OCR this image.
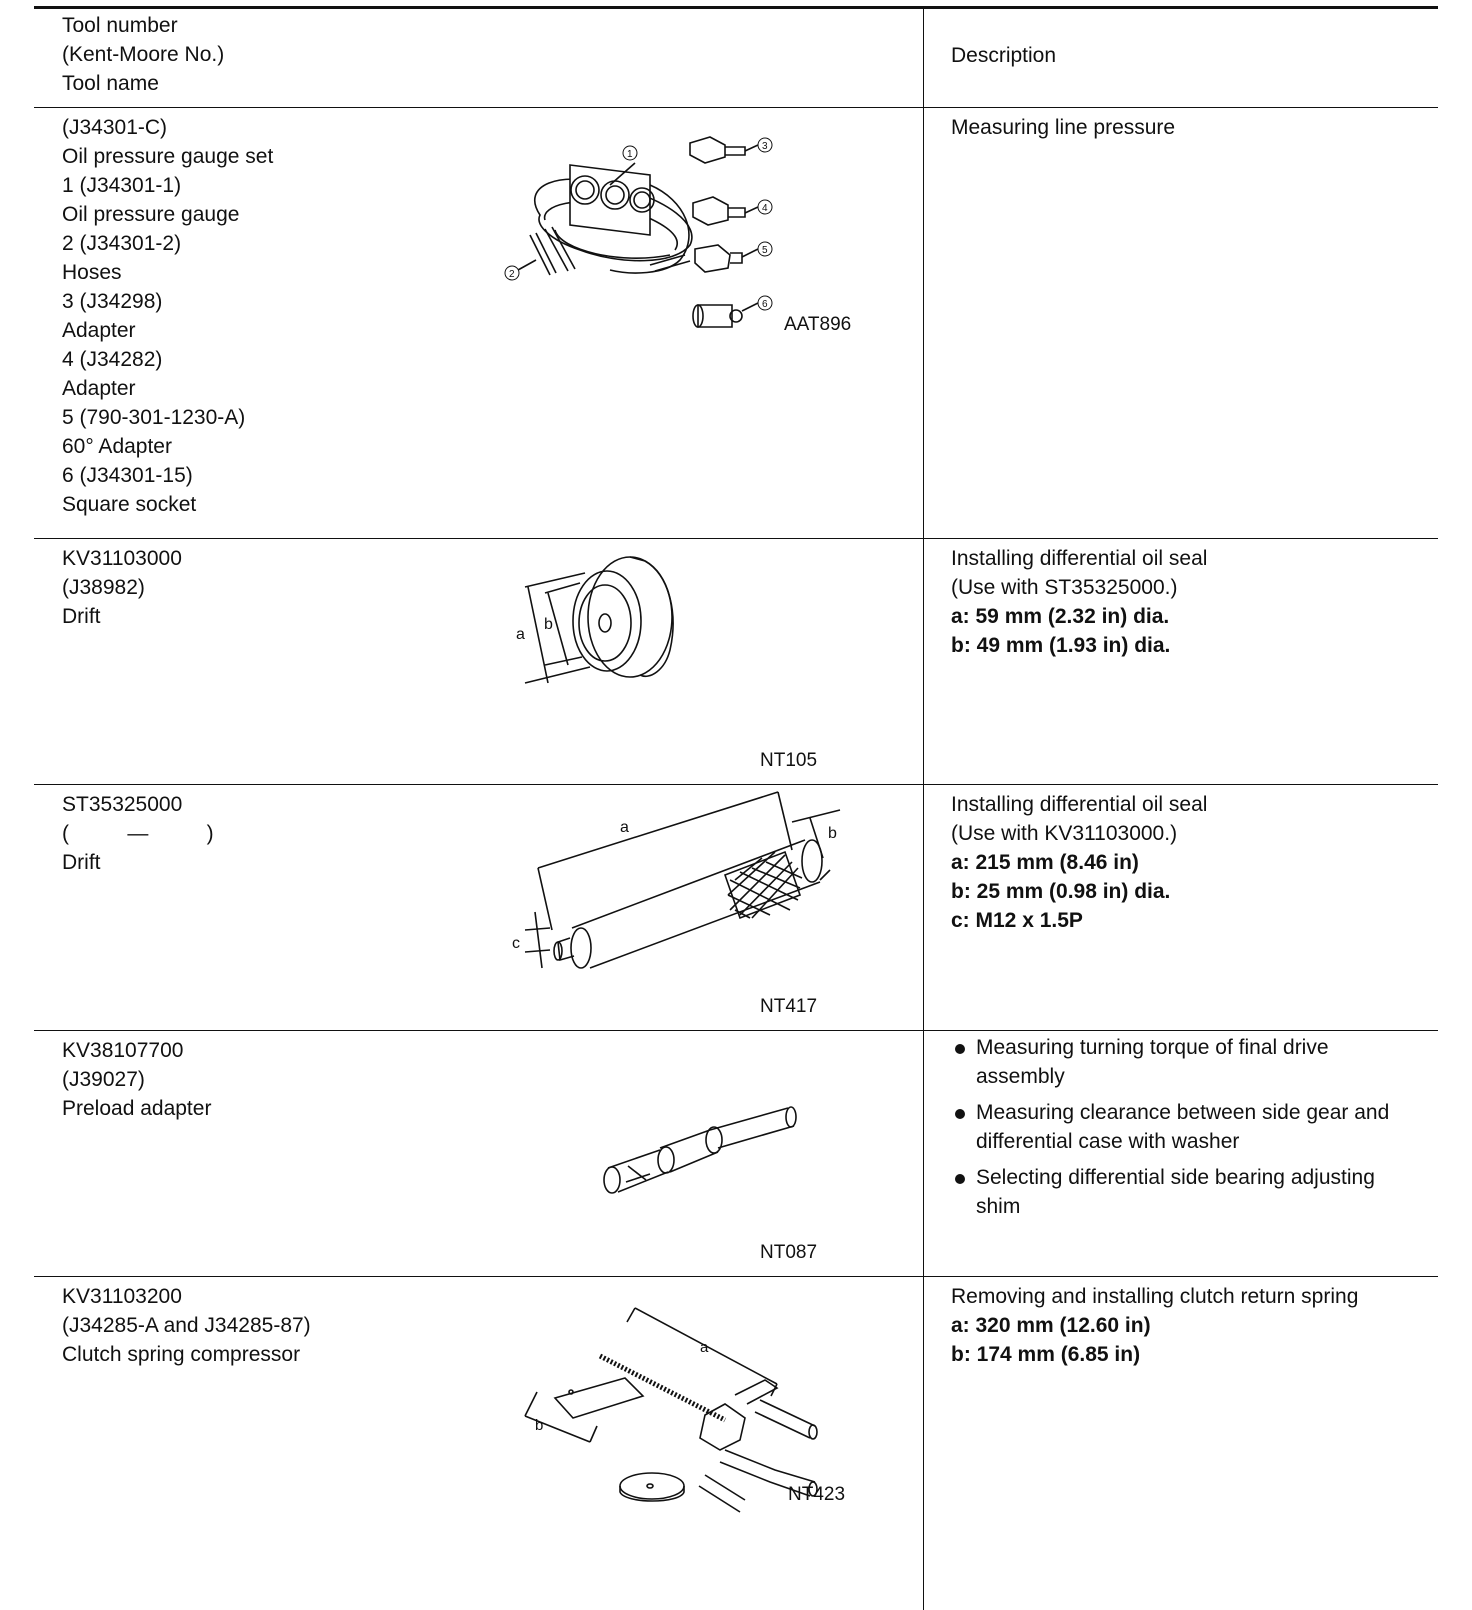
Tool number
(Kent-Moore No.)
Tool name
Description
(J34301-C)
Oil pressure gauge set
1 (J34301-1)
Oil pressure gauge
2 (J34301-2)
Hoses
3 (J34298)
Adapter
4 (J34282)
Adapter
5 (790-301-1230-A)
60° Adapter
6 (J34301-15)
Square socket
1
2
3
4
5
6
AAT896
Measuring line pressure
KV31103000
(J38982)
Drift
a
b
NT105
Installing differential oil seal
(Use with ST35325000.)
a: 59 mm (2.32 in) dia.
b: 49 mm (1.93 in) dia.
ST35325000
(          —          )
Drift
a	b
c
NT417
Installing differential oil seal
(Use with KV31103000.)
a: 215 mm (8.46 in)
b: 25 mm (0.98 in) dia.
c: M12 x 1.5P
KV38107700
(J39027)
Preload adapter
NT087
Measuring turning torque of final drive assembly
Measuring clearance between side gear and differential case with washer
Selecting differential side bearing adjusting shim
KV31103200
(J34285-A and J34285-87)
Clutch spring compressor	a
b
NT423
Removing and installing clutch return spring
a: 320 mm (12.60 in)
b: 174 mm (6.85 in)
